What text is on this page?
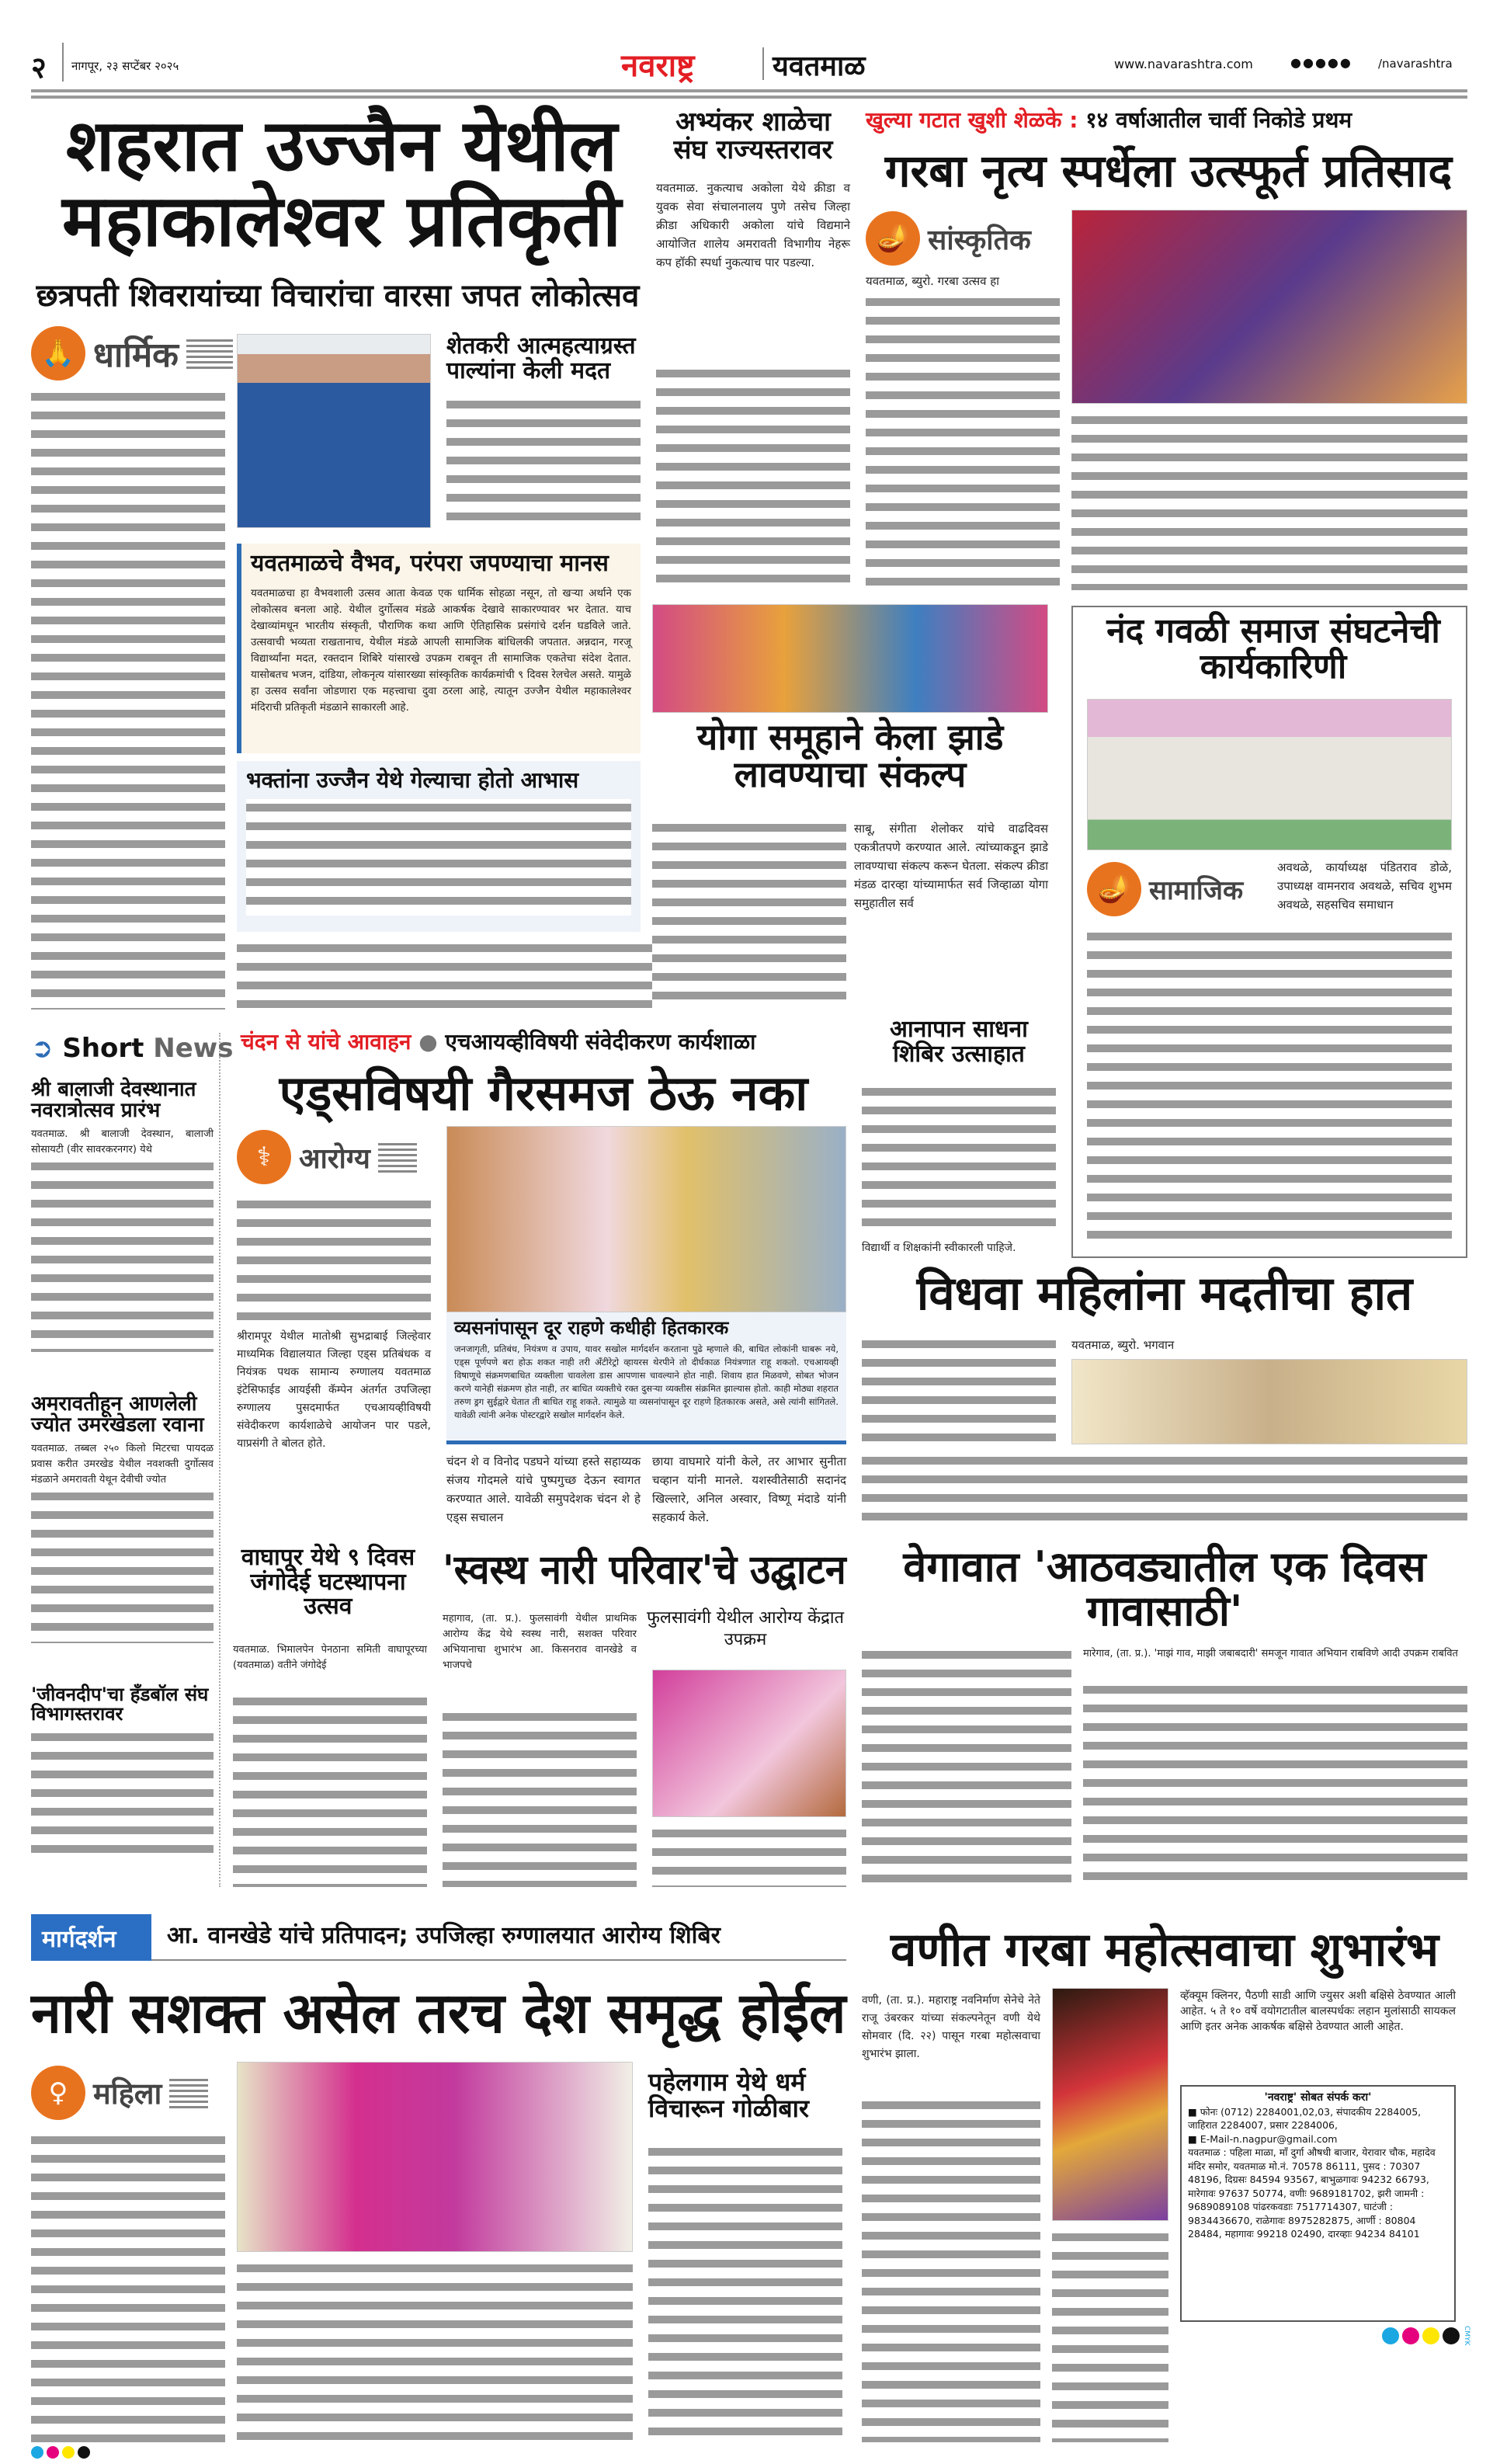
२ नागपूर, २३ सप्टेंबर २०२५	नवराष्ट्र	यवतमाळ	www.navarashtra.com	●●●●● /navarashtra
शहरात उज्जैन येथील
महाकालेश्वर प्रतिकृती
छत्रपती शिवरायांच्या विचारांचा वारसा जपत लोकोत्सव
🙏 धार्मिक	शेतकरी आत्महत्याग्रस्त पाल्यांना केली मदत
यवतमाळचे वैभव, परंपरा जपण्याचा मानस
यवतमाळचा हा वैभवशाली उत्सव आता केवळ एक धार्मिक सोहळा नसून, तो खऱ्या अर्थाने एक लोकोत्सव बनला आहे. येथील दुर्गोत्सव मंडळे आकर्षक देखावे साकारण्यावर भर देतात. याच देखाव्यांमधून भारतीय संस्कृती, पौराणिक कथा आणि ऐतिहासिक प्रसंगांचे दर्शन घडविले जाते. उत्सवाची भव्यता राखतानाच, येथील मंडळे आपली सामाजिक बांधिलकी जपतात. अन्नदान, गरजू विद्यार्थ्यांना मदत, रक्तदान शिबिरे यांसारखे उपक्रम राबवून ती सामाजिक एकतेचा संदेश देतात. यासोबतच भजन, दांडिया, लोकनृत्य यांसारख्या सांस्कृतिक कार्यक्रमांची ९ दिवस रेलचेल असते. यामुळे हा उत्सव सर्वांना जोडणारा एक महत्त्वाचा दुवा ठरला आहे, त्यातून उज्जैन येथील महाकालेश्वर मंदिराची प्रतिकृती मंडळाने साकारली आहे.
भक्तांना उज्जैन येथे गेल्याचा होतो आभास
अभ्यंकर शाळेचा संघ राज्यस्तरावर
यवतमाळ. नुकत्याच अकोला येथे क्रीडा व युवक सेवा संचालनालय पुणे तसेच जिल्हा क्रीडा अधिकारी अकोला यांचे विद्यमाने आयोजित शालेय अमरावती विभागीय नेहरू कप हॉकी स्पर्धा नुकत्याच पार पडल्या.
खुल्या गटात खुशी शेळके : १४ वर्षाआतील चार्वी निकोडे प्रथम
गरबा नृत्य स्पर्धेला उत्स्फूर्त प्रतिसाद
🪔 सांस्कृतिक
यवतमाळ, ब्युरो. गरबा उत्सव हा
योगा समूहाने केला झाडे लावण्याचा संकल्प
साबू, संगीता शेलोकर यांचे वाढदिवस एकत्रीतपणे करण्यात आले. त्यांच्याकडून झाडे लावण्याचा संकल्प करून घेतला. संकल्प क्रीडा मंडळ दारव्हा यांच्यामार्फत सर्व जिव्हाळा योगा समुहातील सर्व
नंद गवळी समाज संघटनेची कार्यकारिणी
🪔 सामाजिक
अवथळे, कार्याध्यक्ष पंडितराव डोळे, उपाध्यक्ष वामनराव अवथळे, सचिव शुभम अवथळे, सहसचिव समाधान
आनापान साधना शिबिर उत्साहात
विद्यार्थी व शिक्षकांनी स्वीकारली पाहिजे.
➲ Short News
श्री बालाजी देवस्थानात नवरात्रोत्सव प्रारंभ
यवतमाळ. श्री बालाजी देवस्थान, बालाजी सोसायटी (वीर सावरकरनगर) येथे
अमरावतीहून आणलेली ज्योत उमरखेडला रवाना
यवतमाळ. तब्बल २५० किलो मिटरचा पायदळ प्रवास करीत उमरखेड येथील नवशक्ती दुर्गोत्सव मंडळाने अमरावती येथून देवीची ज्योत
'जीवनदीप'चा हँडबॉल संघ विभागस्तरावर
चंदन से यांचे आवाहन ● एचआयव्हीविषयी संवेदीकरण कार्यशाळा
एड्सविषयी गैरसमज ठेऊ नका
⚕ आरोग्य
श्रीरामपूर येथील मातोश्री सुभद्राबाई जिल्हेवार माध्यमिक विद्यालयात जिल्हा एड्स प्रतिबंधक व नियंत्रक पथक सामान्य रुग्णालय यवतमाळ इंटेसिफाईड आयईसी कॅम्पेन अंतर्गत उपजिल्हा रुग्णालय पुसदमार्फत एचआयव्हीविषयी संवेदीकरण कार्यशाळेचे आयोजन पार पडले, याप्रसंगी ते बोलत होते.
व्यसनांपासून दूर राहणे कधीही हितकारक
जनजागृती, प्रतिबंध, नियंत्रण व उपाय, यावर सखोल मार्गदर्शन करताना पुढे म्हणाले की, बाधित लोकांनी घाबरू नये, एड्स पूर्णपणे बरा होऊ शकत नाही तरी अँटीरेट्रो व्हायरस थेरपीने तो दीर्घकाळ नियंत्रणात राहू शकतो. एचआयव्ही विषाणूचे संक्रमणबाधित व्यक्तीला चावलेला डास आपणास चावल्याने होत नाही. शिवाय हात मिळवणे, सोबत भोजन करणे यानेही संक्रमण होत नाही, तर बाधित व्यक्तीचे रक्त दुसऱ्या व्यक्तीस संक्रमित झाल्यास होतो. काही मोठ्या शहरात तरुण ड्रग सुईद्वारे घेतात ती बाधित राहू शकते. त्यामुळे या व्यसनांपासून दूर राहणे हितकारक असते, असे त्यांनी सांगितले. यावेळी त्यांनी अनेक पोस्टरद्वारे सखोल मार्गदर्शन केले.
चंदन शे व विनोद पडघने यांच्या हस्ते सहाय्यक संजय गोदमले यांचे पुष्पगुच्छ देऊन स्वागत करण्यात आले. यावेळी समुपदेशक चंदन शे हे एड्स सचालन
छाया वाघमारे यांनी केले, तर आभार सुनीता चव्हान यांनी मानले. यशस्वीतेसाठी सदानंद खिल्लारे, अनिल अस्वार, विष्णू मंदाडे यांनी सहकार्य केले.
विधवा महिलांना मदतीचा हात
यवतमाळ, ब्युरो. भगवान
वाघापूर येथे ९ दिवस जंगोदेई घटस्थापना उत्सव
यवतमाळ. भिमालपेन पेनठाना समिती वाघापूरच्या (यवतमाळ) वतीने जंगोदेई
'स्वस्थ नारी परिवार'चे उद्घाटन
फुलसावंगी येथील आरोग्य केंद्रात उपक्रम
महागाव, (ता. प्र.). फुलसावंगी येथील प्राथमिक आरोग्य केंद्र येथे स्वस्थ नारी, सशक्त परिवार अभियानाचा शुभारंभ आ. किसनराव वानखेडे व भाजपचे
वेगावात 'आठवड्यातील एक दिवस गावासाठी'
मारेगाव, (ता. प्र.). 'माझं गाव, माझी जबाबदारी' समजून गावात अभियान राबविणे आदी उपक्रम राबवित
मार्गदर्शन	आ. वानखेडे यांचे प्रतिपादन; उपजिल्हा रुग्णालयात आरोग्य शिबिर
नारी सशक्त असेल तरच देश समृद्ध होईल
♀ महिला	पहेलगाम येथे धर्म विचारून गोळीबार
वणीत गरबा महोत्सवाचा शुभारंभ
वणी, (ता. प्र.). महाराष्ट्र नवनिर्माण सेनेचे नेते राजू उंबरकर यांच्या संकल्पनेतून वणी येथे सोमवार (दि. २२) पासून गरबा महोत्सवाचा शुभारंभ झाला.
व्हॅक्यूम क्लिनर, पैठणी साडी आणि ज्युसर अशी बक्षिसे ठेवण्यात आली आहेत. ५ ते १० वर्षे वयोगटातील बालस्पर्धकः लहान मुलांसाठी सायकल आणि इतर अनेक आकर्षक बक्षिसे ठेवण्यात आली आहेत.
'नवराष्ट्र' सोबत संपर्क करा'
■ फोनः (0712) 2284001,02,03, संपादकीय 2284005, जाहिरात 2284007, प्रसार 2284006,
■ E-Mail-n.nagpur@gmail.com
यवतमाळ : पहिला माळा, माँ दुर्गा औषधी बाजार, येरावार चौक, महादेव मंदिर समोर, यवतमाळ मो.नं. 70578 86111, पुसद : 70307 48196, दिग्रसः 84594 93567, बाभुळगावः 94232 66793, मारेगावः 97637 50774, वणीः 9689181702, झरी जामनी : 9689089108 पांढरकवडाः 7517714307, घाटंजी : 9834436670, राळेगावः 8975282875, आर्णी : 80804 28484, महागावः 99218 02490, दारव्हाः 94234 84101
CMYK
